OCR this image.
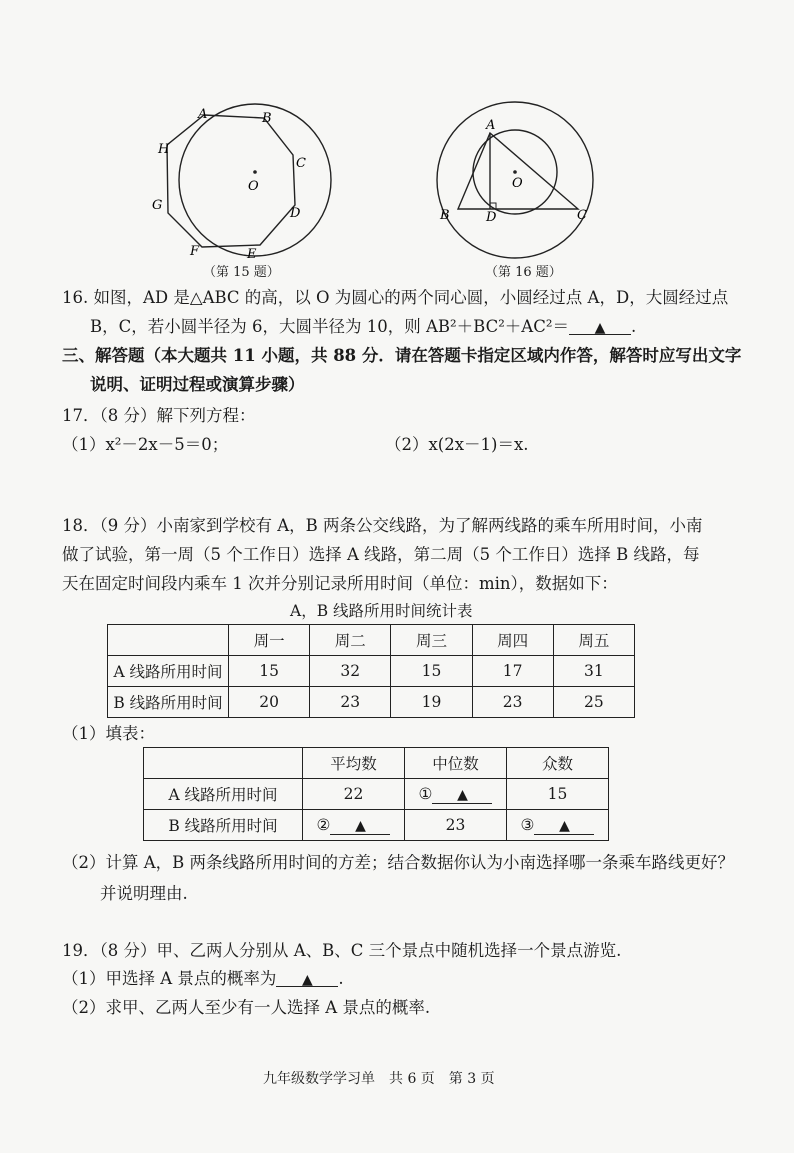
A	B
C
D
E
F
G
H
O
（第 15 题）
A
B	C
D
O
（第 16 题）
16. 如图，AD 是△ABC 的高，以 O 为圆心的两个同心圆，小圆经过点 A，D，大圆经过点
B，C，若小圆半径为 6，大圆半径为 10，则 AB²＋BC²＋AC²＝ ▲ .
三、解答题（本大题共 11 小题，共 88 分．请在答题卡指定区域内作答，解答时应写出文字
说明、证明过程或演算步骤）
17．（8 分）解下列方程：
（1）x²－2x－5＝0；	（2）x(2x－1)＝x.
18．（9 分）小南家到学校有 A，B 两条公交线路，为了解两线路的乘车所用时间，小南
做了试验，第一周（5 个工作日）选择 A 线路，第二周（5 个工作日）选择 B 线路，每
天在固定时间段内乘车 1 次并分别记录所用时间（单位：min），数据如下：
A，B 线路所用时间统计表
	周一	周二	周三	周四	周五
A 线路所用时间	15	32	15	17	31
B 线路所用时间	20	23	19	23	25
（1）填表：
	平均数	中位数	众数
A 线路所用时间	22	① ▲	15
B 线路所用时间	② ▲	23	③ ▲
（2）计算 A，B 两条线路所用时间的方差；结合数据你认为小南选择哪一条乘车路线更好？
并说明理由.
19．（8 分）甲、乙两人分别从 A、B、C 三个景点中随机选择一个景点游览.
（1）甲选择 A 景点的概率为 ▲ .
（2）求甲、乙两人至少有一人选择 A 景点的概率.
九年级数学学习单　共 6 页　第 3 页
